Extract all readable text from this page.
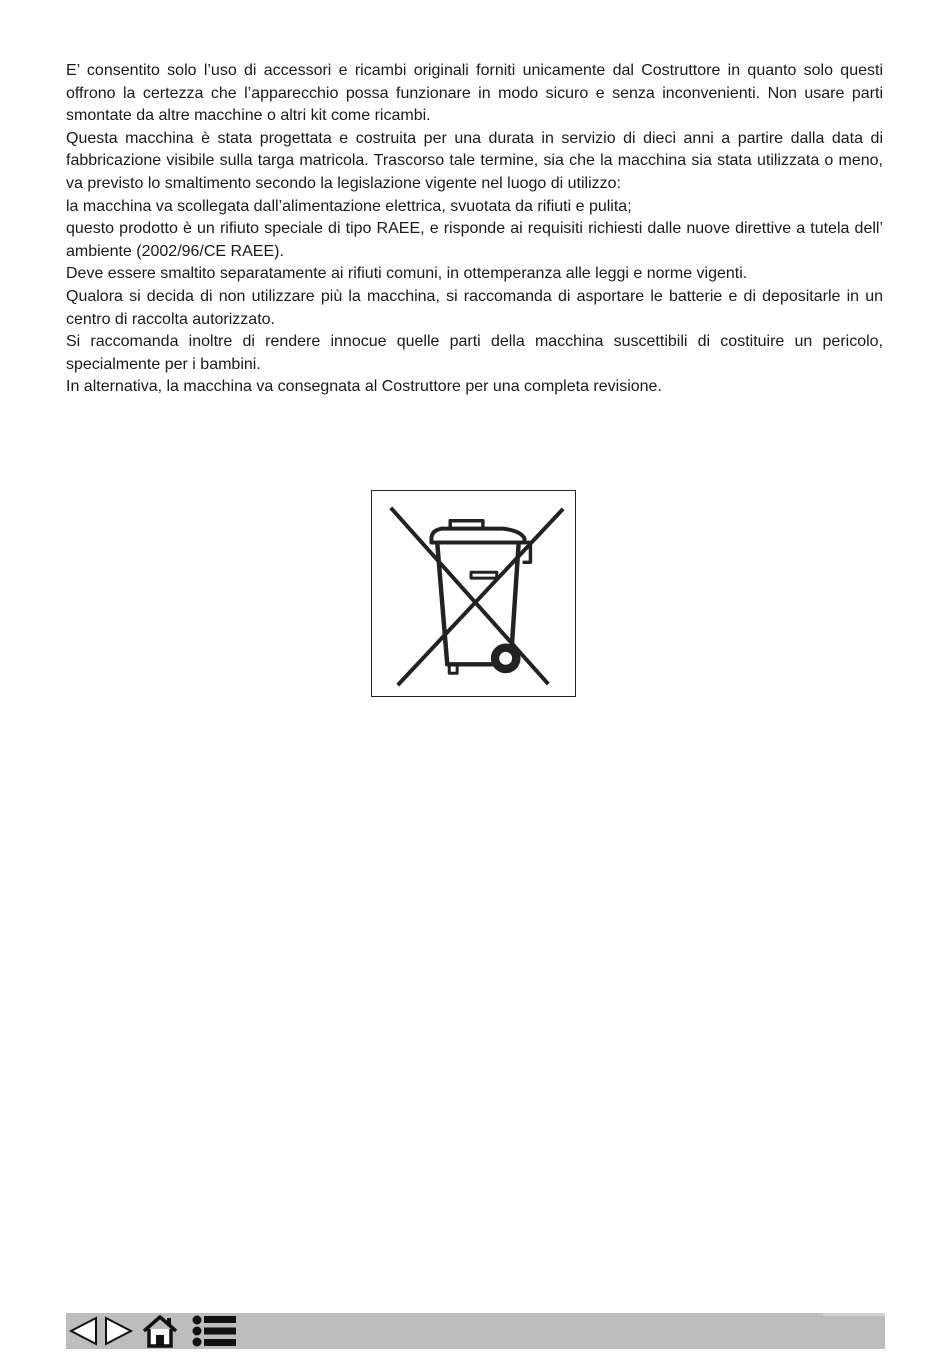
E’ consentito solo l’uso di accessori e ricambi originali forniti unicamente dal Costruttore in quanto solo questi offrono la certezza che l’apparecchio possa funzionare in modo sicuro e senza inconvenienti. Non usare parti smontate da altre macchine o altri kit come ricambi.

Questa macchina è stata progettata e costruita per una durata in servizio di dieci anni a partire dalla data di fabbricazione visibile sulla targa matricola. Trascorso tale termine, sia che la macchina sia stata utilizzata o meno, va previsto lo smaltimento secondo la legislazione vigente nel luogo di utilizzo:

la macchina va scollegata dall’alimentazione elettrica, svuotata da rifiuti e pulita;

questo prodotto è un rifiuto speciale di tipo RAEE, e risponde ai requisiti richiesti dalle nuove direttive a tutela dell’ ambiente (2002/96/CE RAEE).

Deve essere smaltito separatamente ai rifiuti comuni, in ottemperanza alle leggi e norme vigenti.

Qualora si decida di non utilizzare più la macchina, si raccomanda di asportare le batterie e di depositarle in un centro di raccolta autorizzato.

Si raccomanda inoltre di rendere innocue quelle parti della macchina suscettibili di costituire un pericolo, specialmente per i bambini.

In alternativa, la macchina va consegnata al Costruttore per una completa revisione.
